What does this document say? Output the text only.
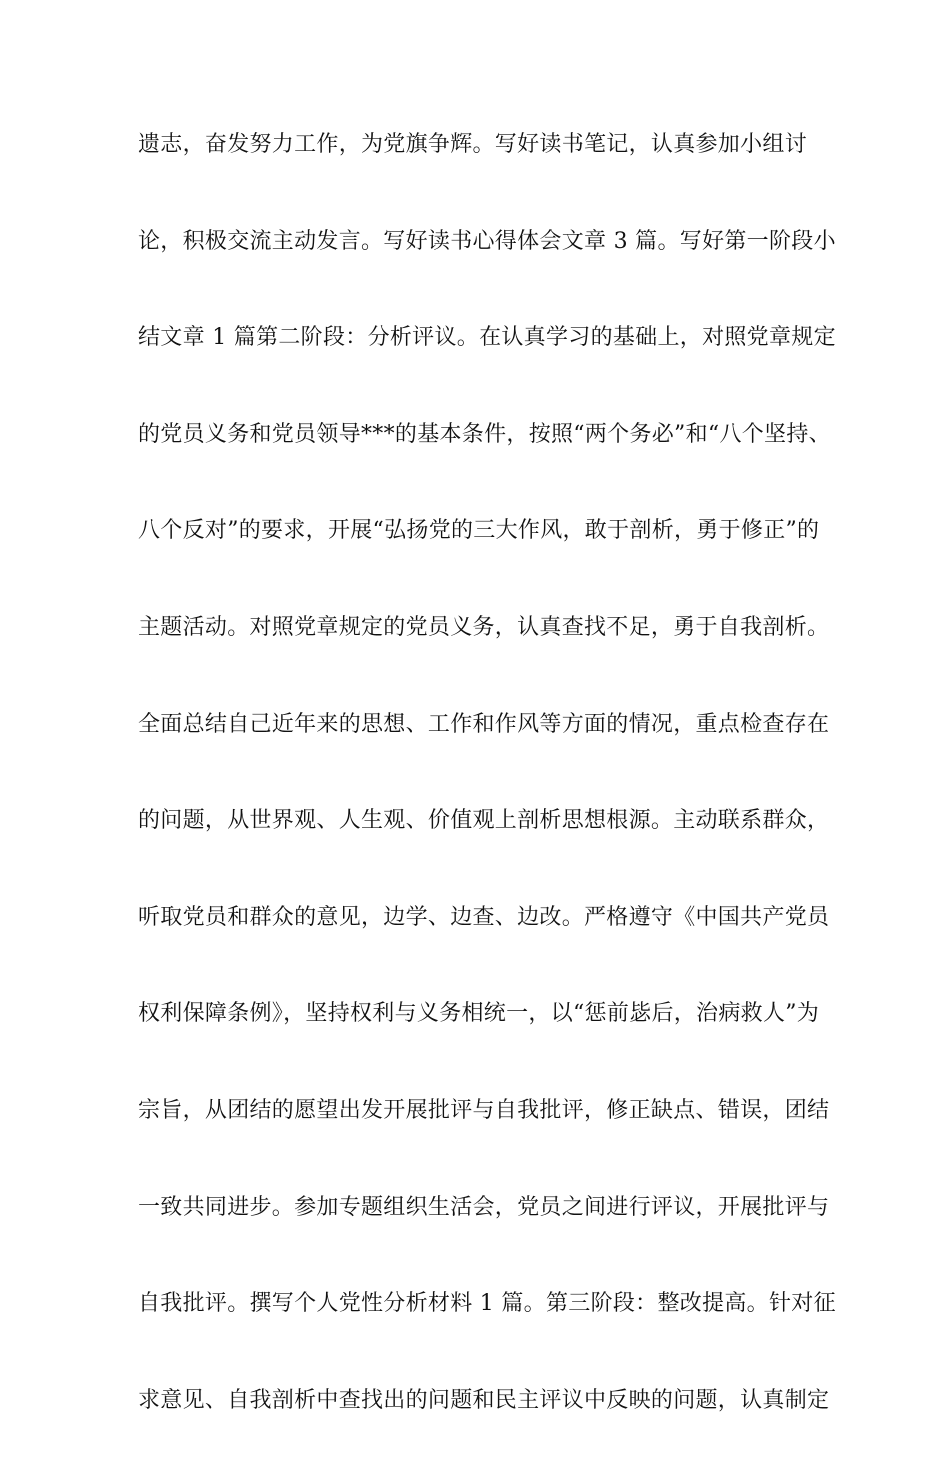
遗志，奋发努力工作，为党旗争辉。写好读书笔记，认真参加小组讨
论，积极交流主动发言。写好读书心得体会文章 3 篇。写好第一阶段小
结文章 1 篇第二阶段：分析评议。在认真学习的基础上，对照党章规定
的党员义务和党员领导***的基本条件，按照“两个务必”和“八个坚持、
八个反对”的要求，开展“弘扬党的三大作风，敢于剖析，勇于修正”的
主题活动。对照党章规定的党员义务，认真查找不足，勇于自我剖析。
全面总结自己近年来的思想、工作和作风等方面的情况，重点检查存在
的问题，从世界观、人生观、价值观上剖析思想根源。主动联系群众，
听取党员和群众的意见，边学、边查、边改。严格遵守《中国共产党员
权利保障条例》，坚持权利与义务相统一，以“惩前毖后，治病救人”为
宗旨，从团结的愿望出发开展批评与自我批评，修正缺点、错误，团结
一致共同进步。参加专题组织生活会，党员之间进行评议，开展批评与
自我批评。撰写个人党性分析材料 1 篇。第三阶段：整改提高。针对征
求意见、自我剖析中查找出的问题和民主评议中反映的问题，认真制定
